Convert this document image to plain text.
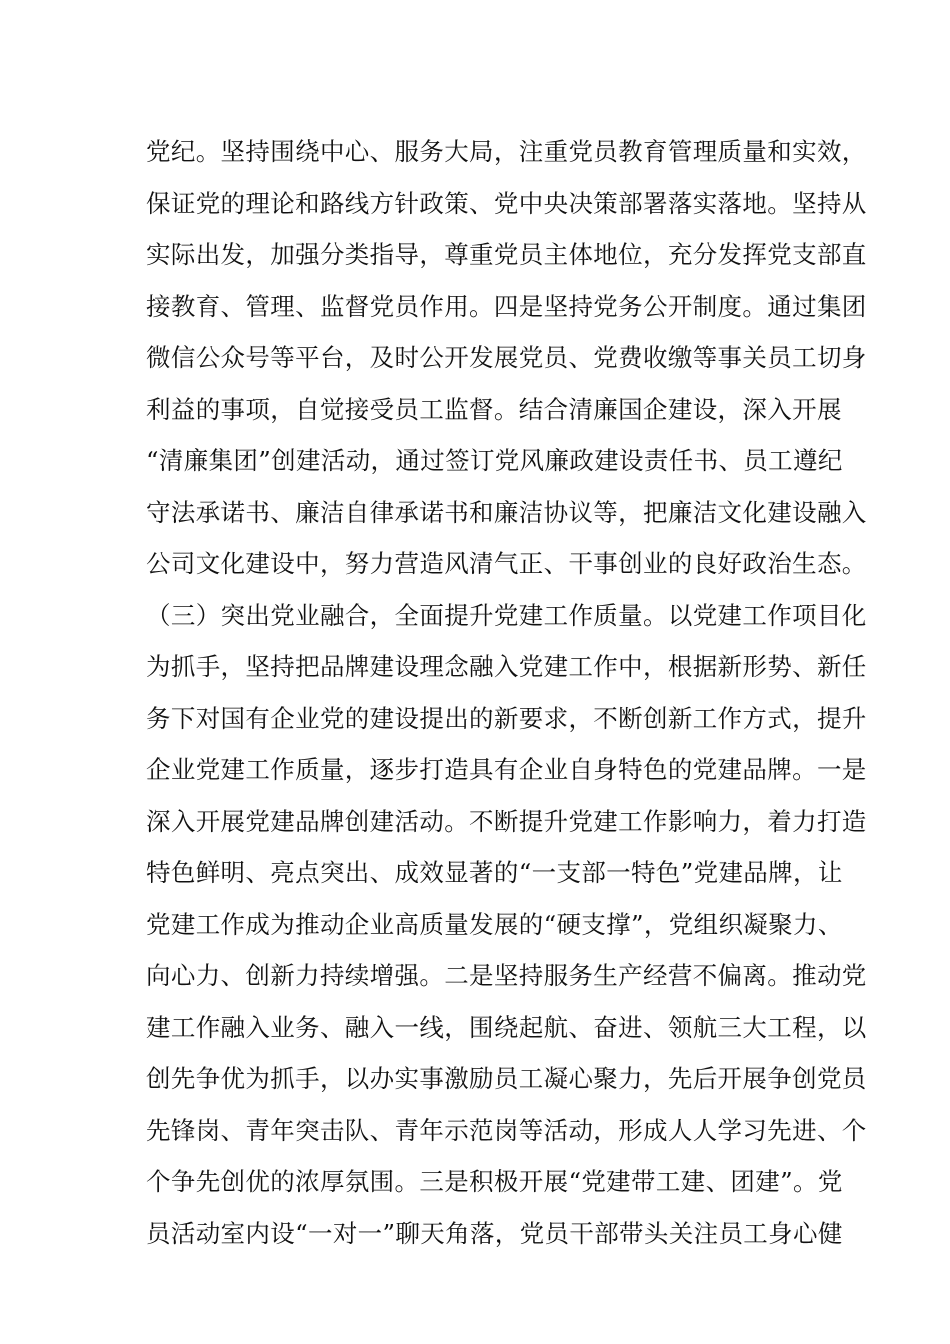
党纪。坚持围绕中心、服务大局，注重党员教育管理质量和实效，
保证党的理论和路线方针政策、党中央决策部署落实落地。坚持从
实际出发，加强分类指导，尊重党员主体地位，充分发挥党支部直
接教育、管理、监督党员作用。四是坚持党务公开制度。通过集团
微信公众号等平台，及时公开发展党员、党费收缴等事关员工切身
利益的事项，自觉接受员工监督。结合清廉国企建设，深入开展
“清廉集团”创建活动，通过签订党风廉政建设责任书、员工遵纪
守法承诺书、廉洁自律承诺书和廉洁协议等，把廉洁文化建设融入
公司文化建设中，努力营造风清气正、干事创业的良好政治生态。
（三）突出党业融合，全面提升党建工作质量。以党建工作项目化
为抓手，坚持把品牌建设理念融入党建工作中，根据新形势、新任
务下对国有企业党的建设提出的新要求，不断创新工作方式，提升
企业党建工作质量，逐步打造具有企业自身特色的党建品牌。一是
深入开展党建品牌创建活动。不断提升党建工作影响力，着力打造
特色鲜明、亮点突出、成效显著的“一支部一特色”党建品牌，让
党建工作成为推动企业高质量发展的“硬支撑”，党组织凝聚力、
向心力、创新力持续增强。二是坚持服务生产经营不偏离。推动党
建工作融入业务、融入一线，围绕起航、奋进、领航三大工程，以
创先争优为抓手，以办实事激励员工凝心聚力，先后开展争创党员
先锋岗、青年突击队、青年示范岗等活动，形成人人学习先进、个
个争先创优的浓厚氛围。三是积极开展“党建带工建、团建”。党
员活动室内设“一对一”聊天角落，党员干部带头关注员工身心健
